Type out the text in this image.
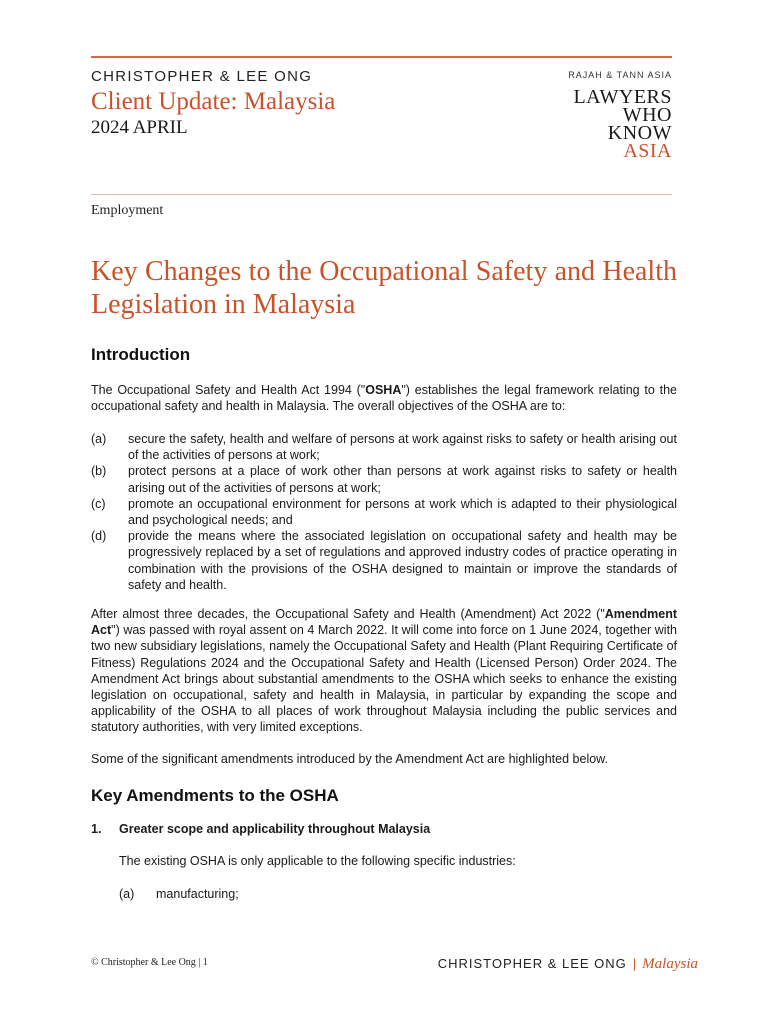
CHRISTOPHER & LEE ONG
Client Update: Malaysia
2024 APRIL
RAJAH & TANN ASIA
LAWYERS
WHO
KNOW
ASIA
Employment
Key Changes to the Occupational Safety and Health Legislation in Malaysia
Introduction

The Occupational Safety and Health Act 1994 ("OSHA") establishes the legal framework relating to the occupational safety and health in Malaysia. The overall objectives of the OSHA are to:

(a)	secure the safety, health and welfare of persons at work against risks to safety or health arising out of the activities of persons at work;
(b)	protect persons at a place of work other than persons at work against risks to safety or health arising out of the activities of persons at work;
(c)	promote an occupational environment for persons at work which is adapted to their physiological and psychological needs; and
(d)	provide the means where the associated legislation on occupational safety and health may be progressively replaced by a set of regulations and approved industry codes of practice operating in combination with the provisions of the OSHA designed to maintain or improve the standards of safety and health.

After almost three decades, the Occupational Safety and Health (Amendment) Act 2022 ("Amendment Act") was passed with royal assent on 4 March 2022. It will come into force on 1 June 2024, together with two new subsidiary legislations, namely the Occupational Safety and Health (Plant Requiring Certificate of Fitness) Regulations 2024 and the Occupational Safety and Health (Licensed Person) Order 2024. The Amendment Act brings about substantial amendments to the OSHA which seeks to enhance the existing legislation on occupational, safety and health in Malaysia, in particular by expanding the scope and applicability of the OSHA to all places of work throughout Malaysia including the public services and statutory authorities, with very limited exceptions.

Some of the significant amendments introduced by the Amendment Act are highlighted below.

Key Amendments to the OSHA
1. Greater scope and applicability throughout Malaysia
The existing OSHA is only applicable to the following specific industries:
(a) manufacturing;
© Christopher & Lee Ong | 1	CHRISTOPHER & LEE ONG | Malaysia
